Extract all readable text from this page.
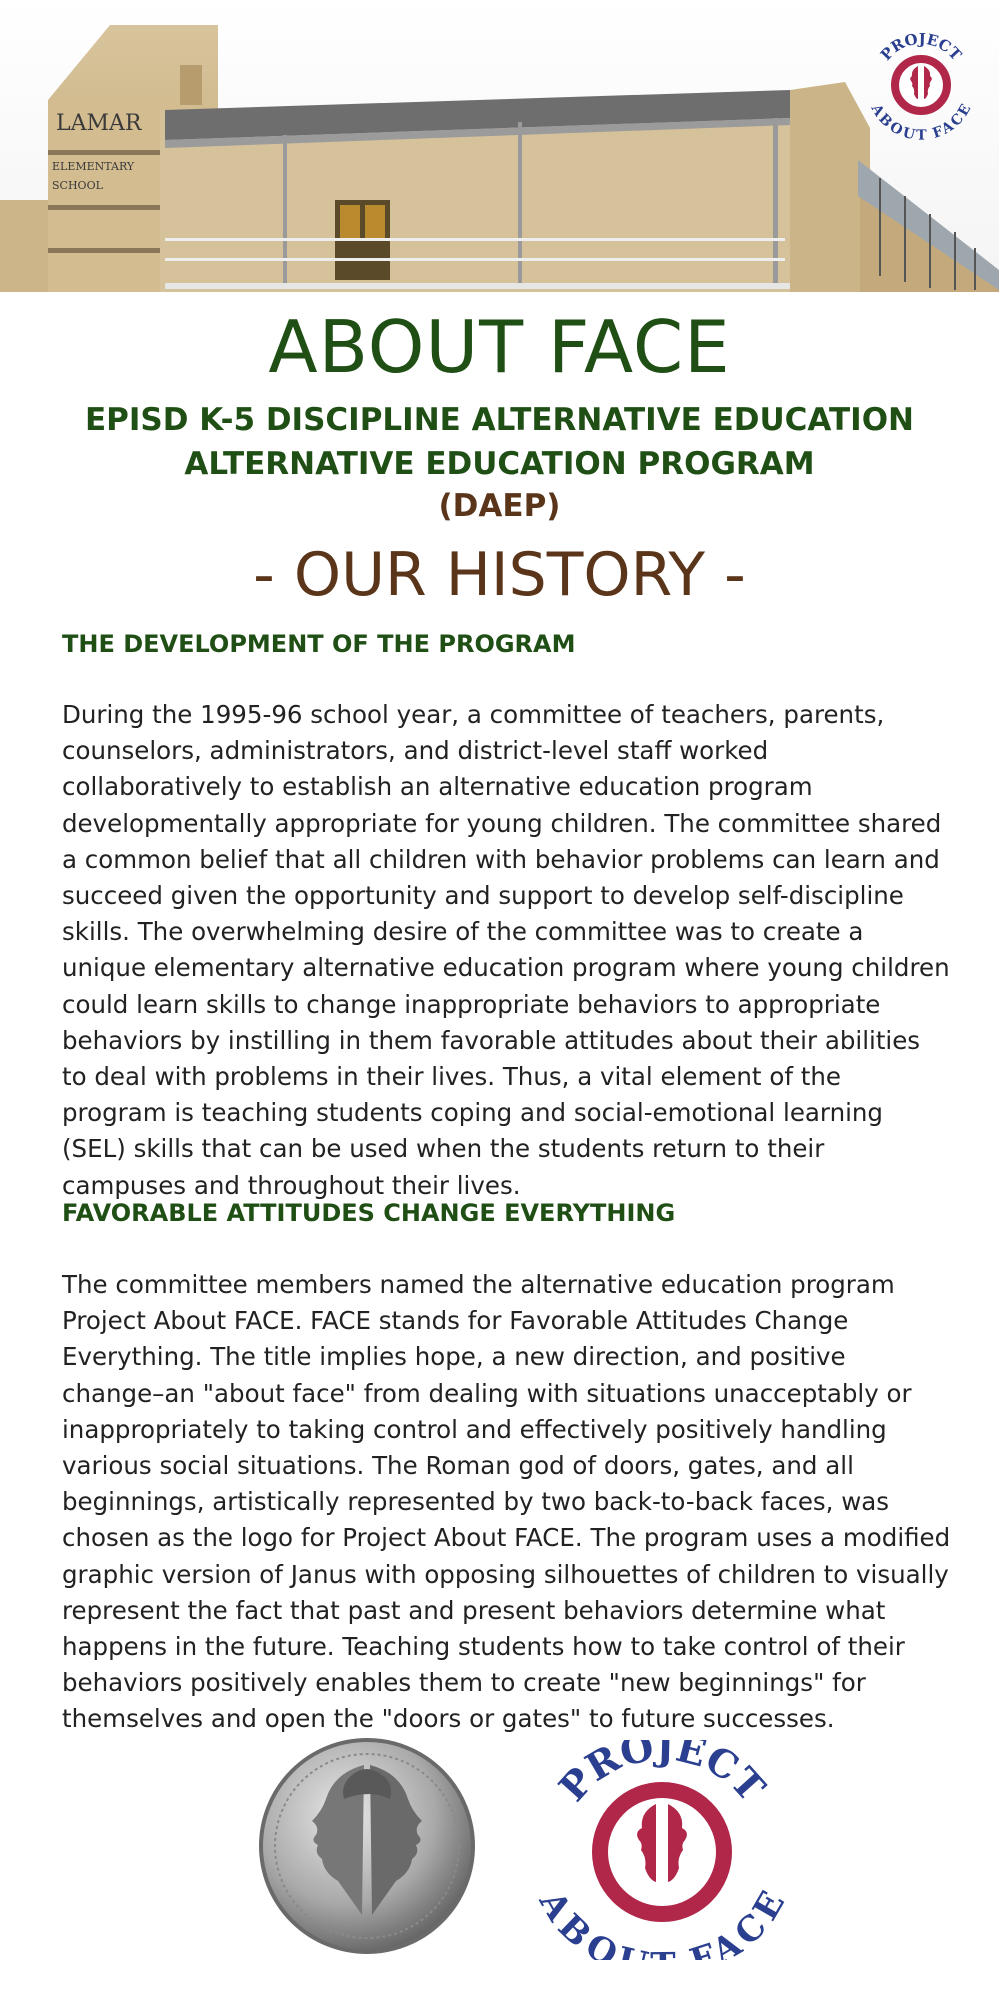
LAMAR
ELEMENTARY
SCHOOL
PROJECT
ABOUT FACE
ABOUT FACE
EPISD K-5 DISCIPLINE ALTERNATIVE EDUCATION ALTERNATIVE EDUCATION PROGRAM
(DAEP)
- OUR HISTORY -
THE DEVELOPMENT OF THE PROGRAM

During the 1995-96 school year, a committee of teachers, parents, counselors, administrators, and district-level staff worked collaboratively to establish an alternative education program developmentally appropriate for young children. The committee shared a common belief that all children with behavior problems can learn and succeed given the opportunity and support to develop self-discipline skills. The overwhelming desire of the committee was to create a unique elementary alternative education program where young children could learn skills to change inappropriate behaviors to appropriate behaviors by instilling in them favorable attitudes about their abilities to deal with problems in their lives. Thus, a vital element of the program is teaching students coping and social-emotional learning (SEL) skills that can be used when the students return to their campuses and throughout their lives.

FAVORABLE ATTITUDES CHANGE EVERYTHING

The committee members named the alternative education program Project About FACE. FACE stands for Favorable Attitudes Change Everything. The title implies hope, a new direction, and positive change–an "about face" from dealing with situations unacceptably or inappropriately to taking control and effectively positively handling various social situations. The Roman god of doors, gates, and all beginnings, artistically represented by two back-to-back faces, was chosen as the logo for Project About FACE. The program uses a modified graphic version of Janus with opposing silhouettes of children to visually represent the fact that past and present behaviors determine what happens in the future. Teaching students how to take control of their behaviors positively enables them to create "new beginnings" for themselves and open the "doors or gates" to future successes.

PROJECT
ABO FACE
